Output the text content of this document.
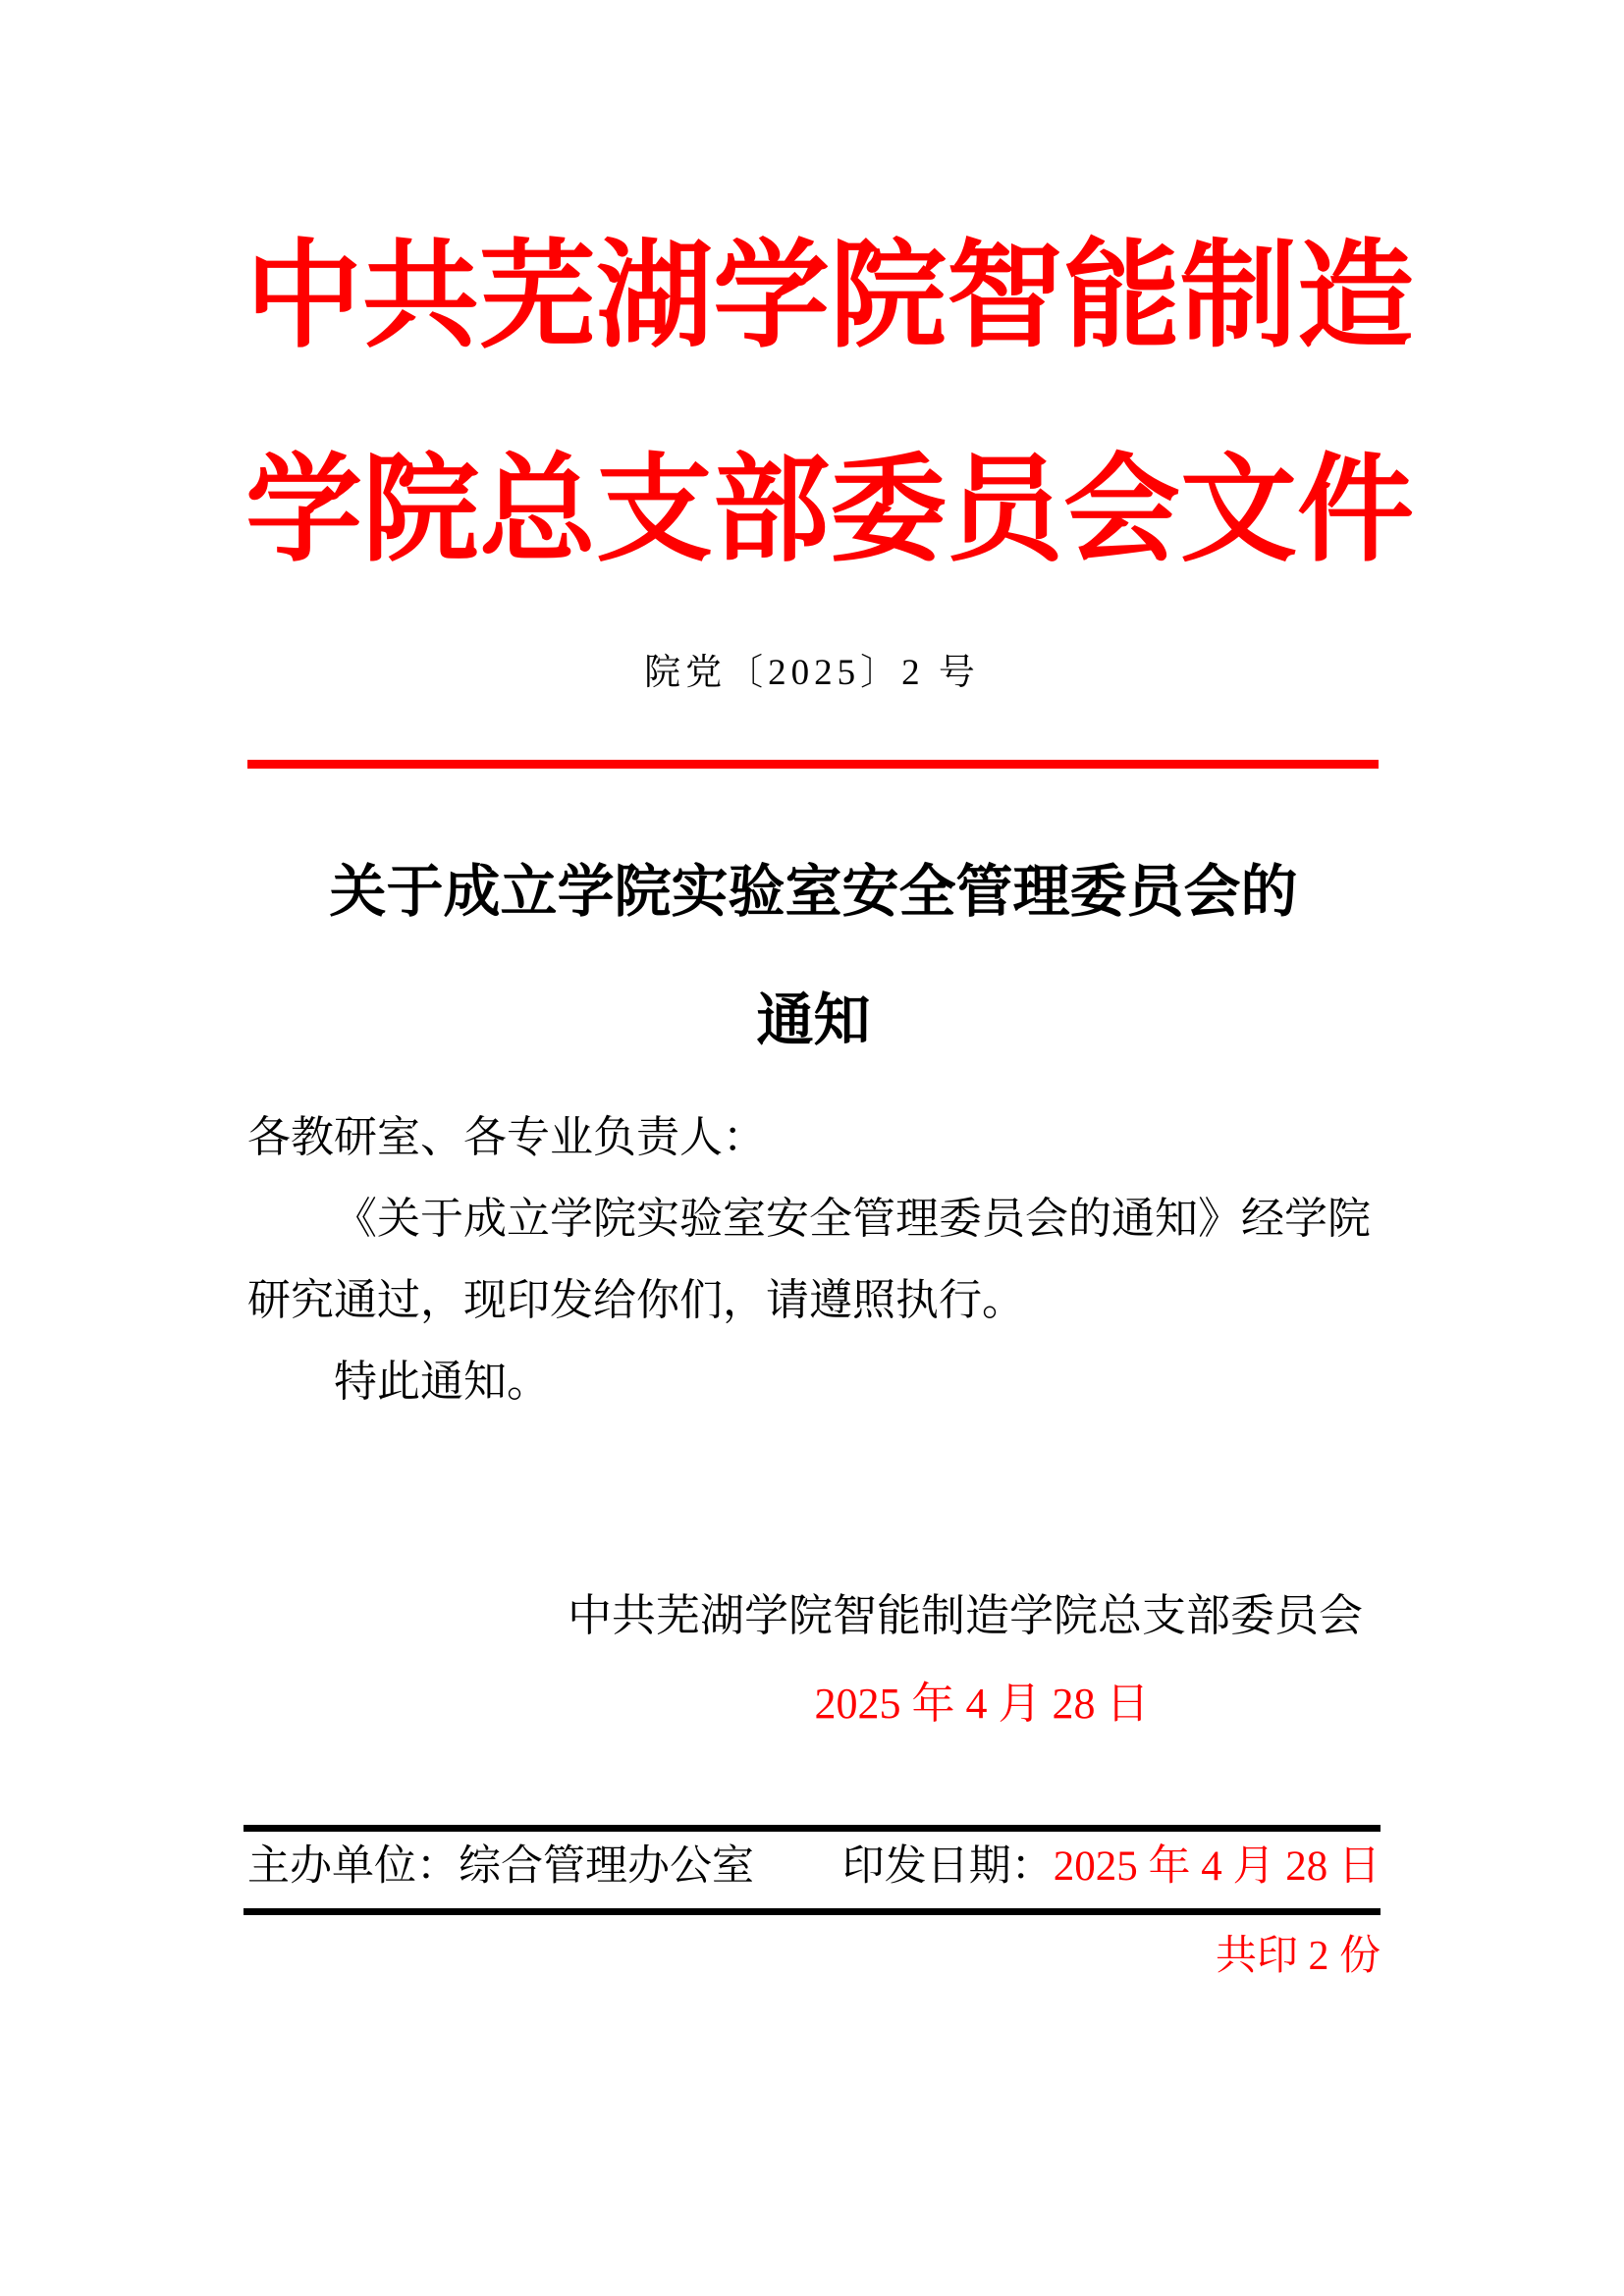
中共芜湖学院智能制造
学院总支部委员会文件
院党〔2025〕2 号
关于成立学院实验室安全管理委员会的
通知
各教研室、各专业负责人：
《关于成立学院实验室安全管理委员会的通知》经学院
研究通过，现印发给你们，请遵照执行。
特此通知。
中共芜湖学院智能制造学院总支部委员会
2025 年 4 月 28 日
主办单位：综合管理办公室 印发日期：2025 年 4 月 28 日
共印 2 份
